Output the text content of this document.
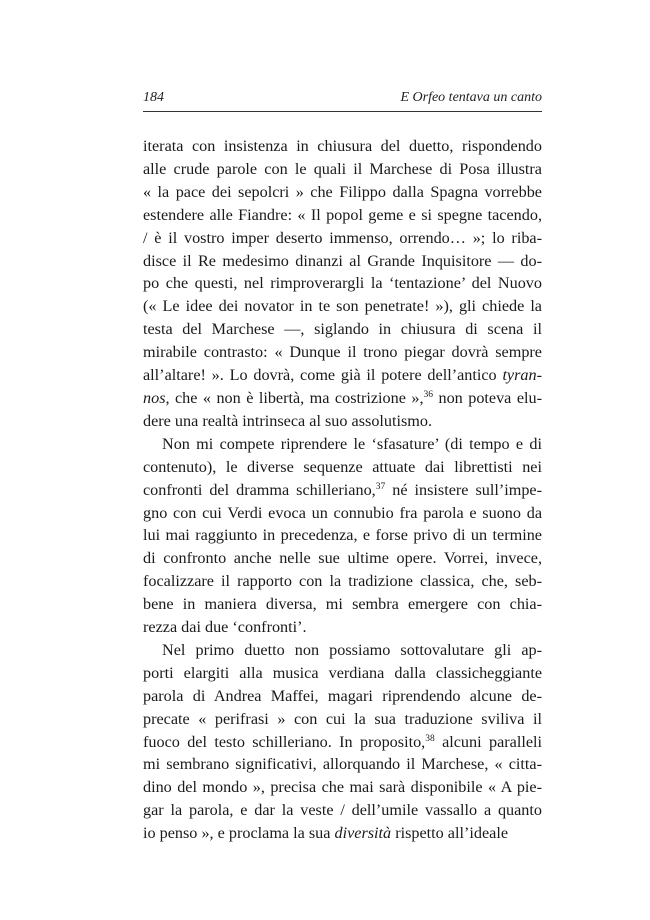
184	E Orfeo tentava un canto
iterata con insistenza in chiusura del duetto, rispondendo
alle crude parole con le quali il Marchese di Posa illustra
« la pace dei sepolcri » che Filippo dalla Spagna vorrebbe
estendere alle Fiandre: « Il popol geme e si spegne tacendo,
/ è il vostro imper deserto immenso, orrendo… »; lo riba-
disce il Re medesimo dinanzi al Grande Inquisitore — do-
po che questi, nel rimproverargli la ‘tentazione’ del Nuovo
(« Le idee dei novator in te son penetrate! »), gli chiede la
testa del Marchese —, siglando in chiusura di scena il
mirabile contrasto: « Dunque il trono piegar dovrà sempre
all’altare! ». Lo dovrà, come già il potere dell’antico tyran-
nos, che « non è libertà, ma costrizione »,$^{36}$ non poteva elu-
dere una realtà intrinseca al suo assolutismo.
Non mi compete riprendere le ‘sfasature’ (di tempo e di
contenuto), le diverse sequenze attuate dai librettisti nei
confronti del dramma schilleriano,$^{37}$ né insistere sull’impe-
gno con cui Verdi evoca un connubio fra parola e suono da
lui mai raggiunto in precedenza, e forse privo di un termine
di confronto anche nelle sue ultime opere. Vorrei, invece,
focalizzare il rapporto con la tradizione classica, che, seb-
bene in maniera diversa, mi sembra emergere con chia-
rezza dai due ‘confronti’.
Nel primo duetto non possiamo sottovalutare gli ap-
porti elargiti alla musica verdiana dalla classicheggiante
parola di Andrea Maffei, magari riprendendo alcune de-
precate « perifrasi » con cui la sua traduzione sviliva il
fuoco del testo schilleriano. In proposito,$^{38}$ alcuni paralleli
mi sembrano significativi, allorquando il Marchese, « citta-
dino del mondo », precisa che mai sarà disponibile « A pie-
gar la parola, e dar la veste / dell’umile vassallo a quanto
io penso », e proclama la sua diversità rispetto all’ideale
